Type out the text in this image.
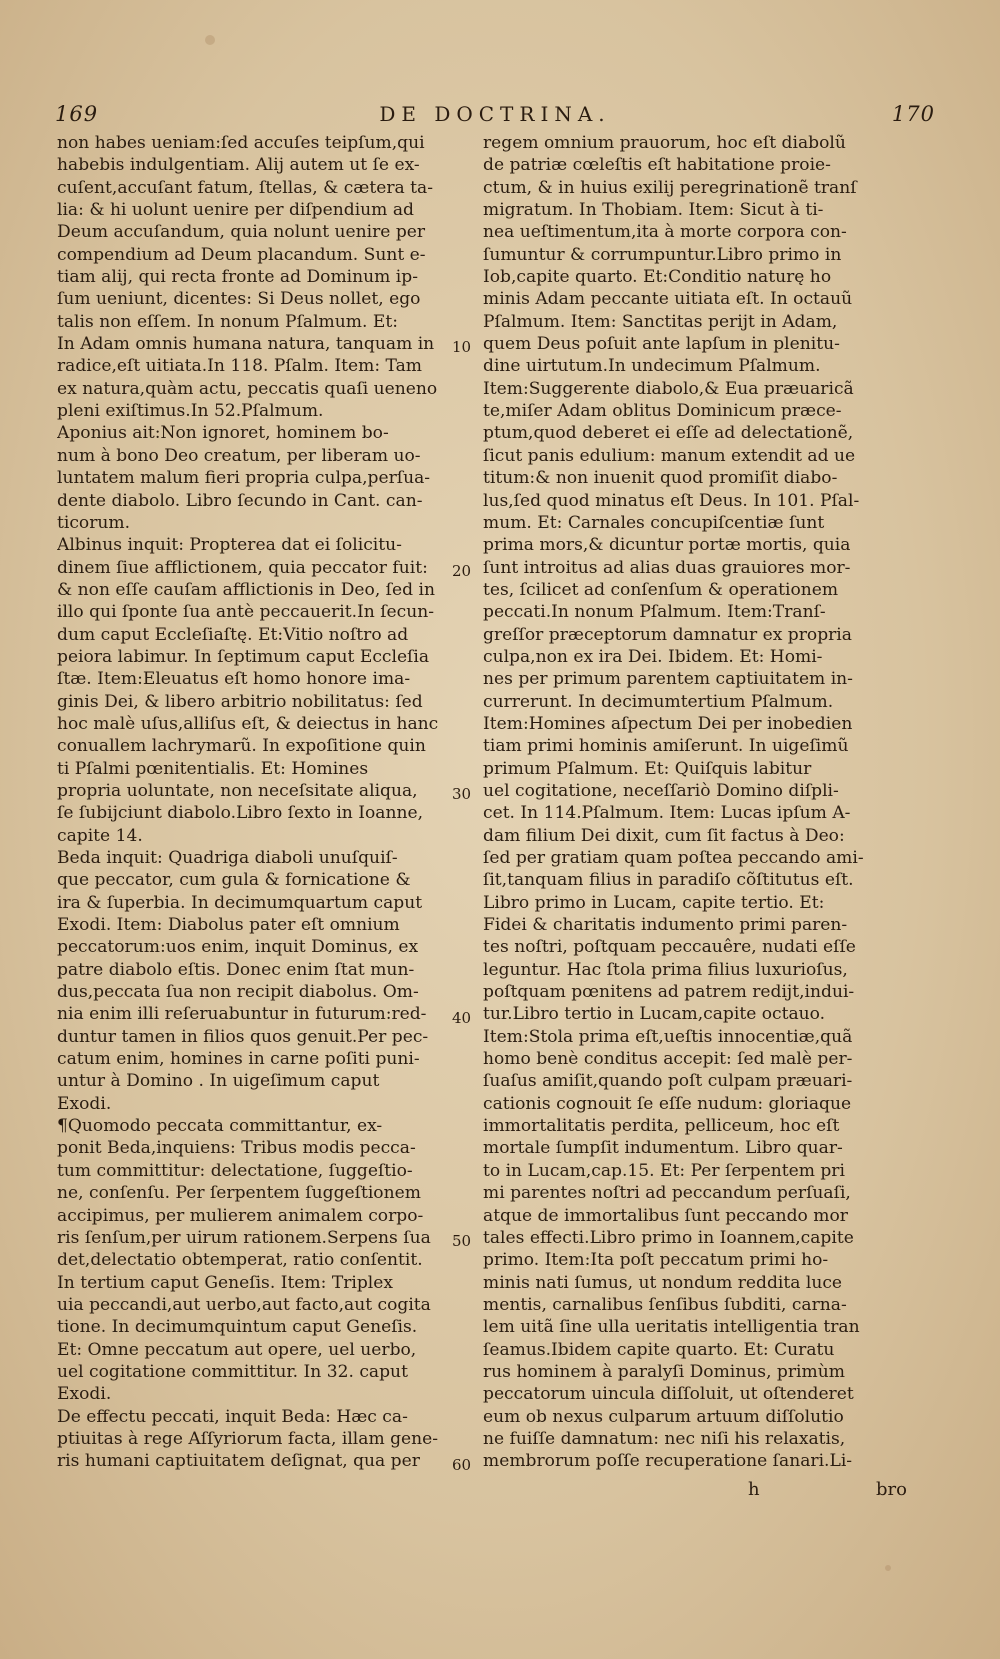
169	DE DOCTRINA.	170
non habes ueniam:ſed accuſes teipſum,qui
habebis indulgentiam. Alij autem ut ſe ex-
cuſent,accuſant fatum, ſtellas, & cætera ta-
lia: & hi uolunt uenire per diſpendium ad
Deum accuſandum, quia nolunt uenire per
compendium ad Deum placandum. Sunt e-
tiam alij, qui recta fronte ad Dominum ip-
ſum ueniunt, dicentes: Si Deus nollet, ego
talis non eſſem. In nonum Pſalmum. Et:
In Adam omnis humana natura, tanquam in
radice,eſt uitiata.In 118. Pſalm. Item: Tam
ex natura,quàm actu, peccatis quaſi ueneno
pleni exiſtimus.In 52.Pſalmum.
Aponius ait:Non ignoret, hominem bo-
num à bono Deo creatum, per liberam uo-
luntatem malum fieri propria culpa,perſua-
dente diabolo. Libro ſecundo in Cant. can-
ticorum.
Albinus inquit: Propterea dat ei ſolicitu-
dinem ſiue afflictionem, quia peccator fuit:
& non eſſe cauſam afflictionis in Deo, ſed in
illo qui ſponte ſua antè peccauerit.In ſecun-
dum caput Eccleſiaſtę. Et:Vitio noſtro ad
peiora labimur. In ſeptimum caput Eccleſia
ſtæ. Item:Eleuatus eſt homo honore ima-
ginis Dei, & libero arbitrio nobilitatus: ſed
hoc malè uſus,alliſus eſt, & deiectus in hanc
conuallem lachrymarũ. In expoſitione quin
ti Pſalmi pœnitentialis. Et: Homines
propria uoluntate, non neceſsitate aliqua,
ſe ſubijciunt diabolo.Libro ſexto in Ioanne,
capite 14.
Beda inquit: Quadriga diaboli unuſquiſ-
que peccator, cum gula & fornicatione &
ira & ſuperbia. In decimumquartum caput
Exodi. Item: Diabolus pater eſt omnium
peccatorum:uos enim, inquit Dominus, ex
patre diabolo eſtis. Donec enim ſtat mun-
dus,peccata ſua non recipit diabolus. Om-
nia enim illi reſeruabuntur in futurum:red-
duntur tamen in filios quos genuit.Per pec-
catum enim, homines in carne poſiti puni-
untur à Domino . In uigeſimum caput
Exodi.
¶Quomodo peccata committantur, ex-
ponit Beda,inquiens: Tribus modis pecca-
tum committitur: delectatione, ſuggeſtio-
ne, conſenſu. Per ſerpentem ſuggeſtionem
accipimus, per mulierem animalem corpo-
ris ſenſum,per uirum rationem.Serpens ſua
det,delectatio obtemperat, ratio conſentit.
In tertium caput Geneſis. Item: Triplex
uia peccandi,aut uerbo,aut facto,aut cogita
tione. In decimumquintum caput Geneſis.
Et: Omne peccatum aut opere, uel uerbo,
uel cogitatione committitur. In 32. caput
Exodi.
De effectu peccati, inquit Beda: Hæc ca-
ptiuitas à rege Aſſyriorum facta, illam gene-
ris humani captiuitatem deſignat, qua per
10
20
30
40
50
60
regem omnium prauorum, hoc eſt diabolũ
de patriæ cœleſtis eſt habitatione proie-
ctum, & in huius exilij peregrinationẽ tranſ
migratum. In Thobiam. Item: Sicut à ti-
nea ueſtimentum,ita à morte corpora con-
ſumuntur & corrumpuntur.Libro primo in
Iob,capite quarto. Et:Conditio naturę ho
minis Adam peccante uitiata eſt. In octauũ
Pſalmum. Item: Sanctitas perijt in Adam,
quem Deus poſuit ante lapſum in plenitu-
dine uirtutum.In undecimum Pſalmum.
Item:Suggerente diabolo,& Eua præuaricã
te,miſer Adam oblitus Dominicum præce-
ptum,quod deberet ei eſſe ad delectationẽ,
ſicut panis edulium: manum extendit ad ue
titum:& non inuenit quod promiſit diabo-
lus,ſed quod minatus eſt Deus. In 101. Pſal-
mum. Et: Carnales concupiſcentiæ ſunt
prima mors,& dicuntur portæ mortis, quia
ſunt introitus ad alias duas grauiores mor-
tes, ſcilicet ad conſenſum & operationem
peccati.In nonum Pſalmum. Item:Tranſ-
greſſor præceptorum damnatur ex propria
culpa,non ex ira Dei. Ibidem. Et: Homi-
nes per primum parentem captiuitatem in-
currerunt. In decimumtertium Pſalmum.
Item:Homines aſpectum Dei per inobedien
tiam primi hominis amiſerunt. In uigeſimũ
primum Pſalmum. Et: Quiſquis labitur
uel cogitatione, neceſſariò Domino diſpli-
cet. In 114.Pſalmum. Item: Lucas ipſum A-
dam filium Dei dixit, cum ſit factus à Deo:
ſed per gratiam quam poſtea peccando ami-
ſit,tanquam filius in paradiſo cõſtitutus eſt.
Libro primo in Lucam, capite tertio. Et:
Fidei & charitatis indumento primi paren-
tes noſtri, poſtquam peccauêre, nudati eſſe
leguntur. Hac ſtola prima filius luxurioſus,
poſtquam pœnitens ad patrem redijt,indui-
tur.Libro tertio in Lucam,capite octauo.
Item:Stola prima eſt,ueſtis innocentiæ,quã
homo benè conditus accepit: ſed malè per-
ſuaſus amiſit,quando poſt culpam præuari-
cationis cognouit ſe eſſe nudum: gloriaque
immortalitatis perdita, pelliceum, hoc eſt
mortale ſumpſit indumentum. Libro quar-
to in Lucam,cap.15. Et: Per ſerpentem pri
mi parentes noſtri ad peccandum perſuaſi,
atque de immortalibus ſunt peccando mor
tales effecti.Libro primo in Ioannem,capite
primo. Item:Ita poſt peccatum primi ho-
minis nati ſumus, ut nondum reddita luce
mentis, carnalibus ſenſibus ſubditi, carna-
lem uitã ſine ulla ueritatis intelligentia tran
ſeamus.Ibidem capite quarto. Et: Curatu
rus hominem à paralyſi Dominus, primùm
peccatorum uincula diſſoluit, ut oſtenderet
eum ob nexus culparum artuum diſſolutio
ne fuiſſe damnatum: nec niſi his relaxatis,
membrorum poſſe recuperatione ſanari.Li-
h	bro
